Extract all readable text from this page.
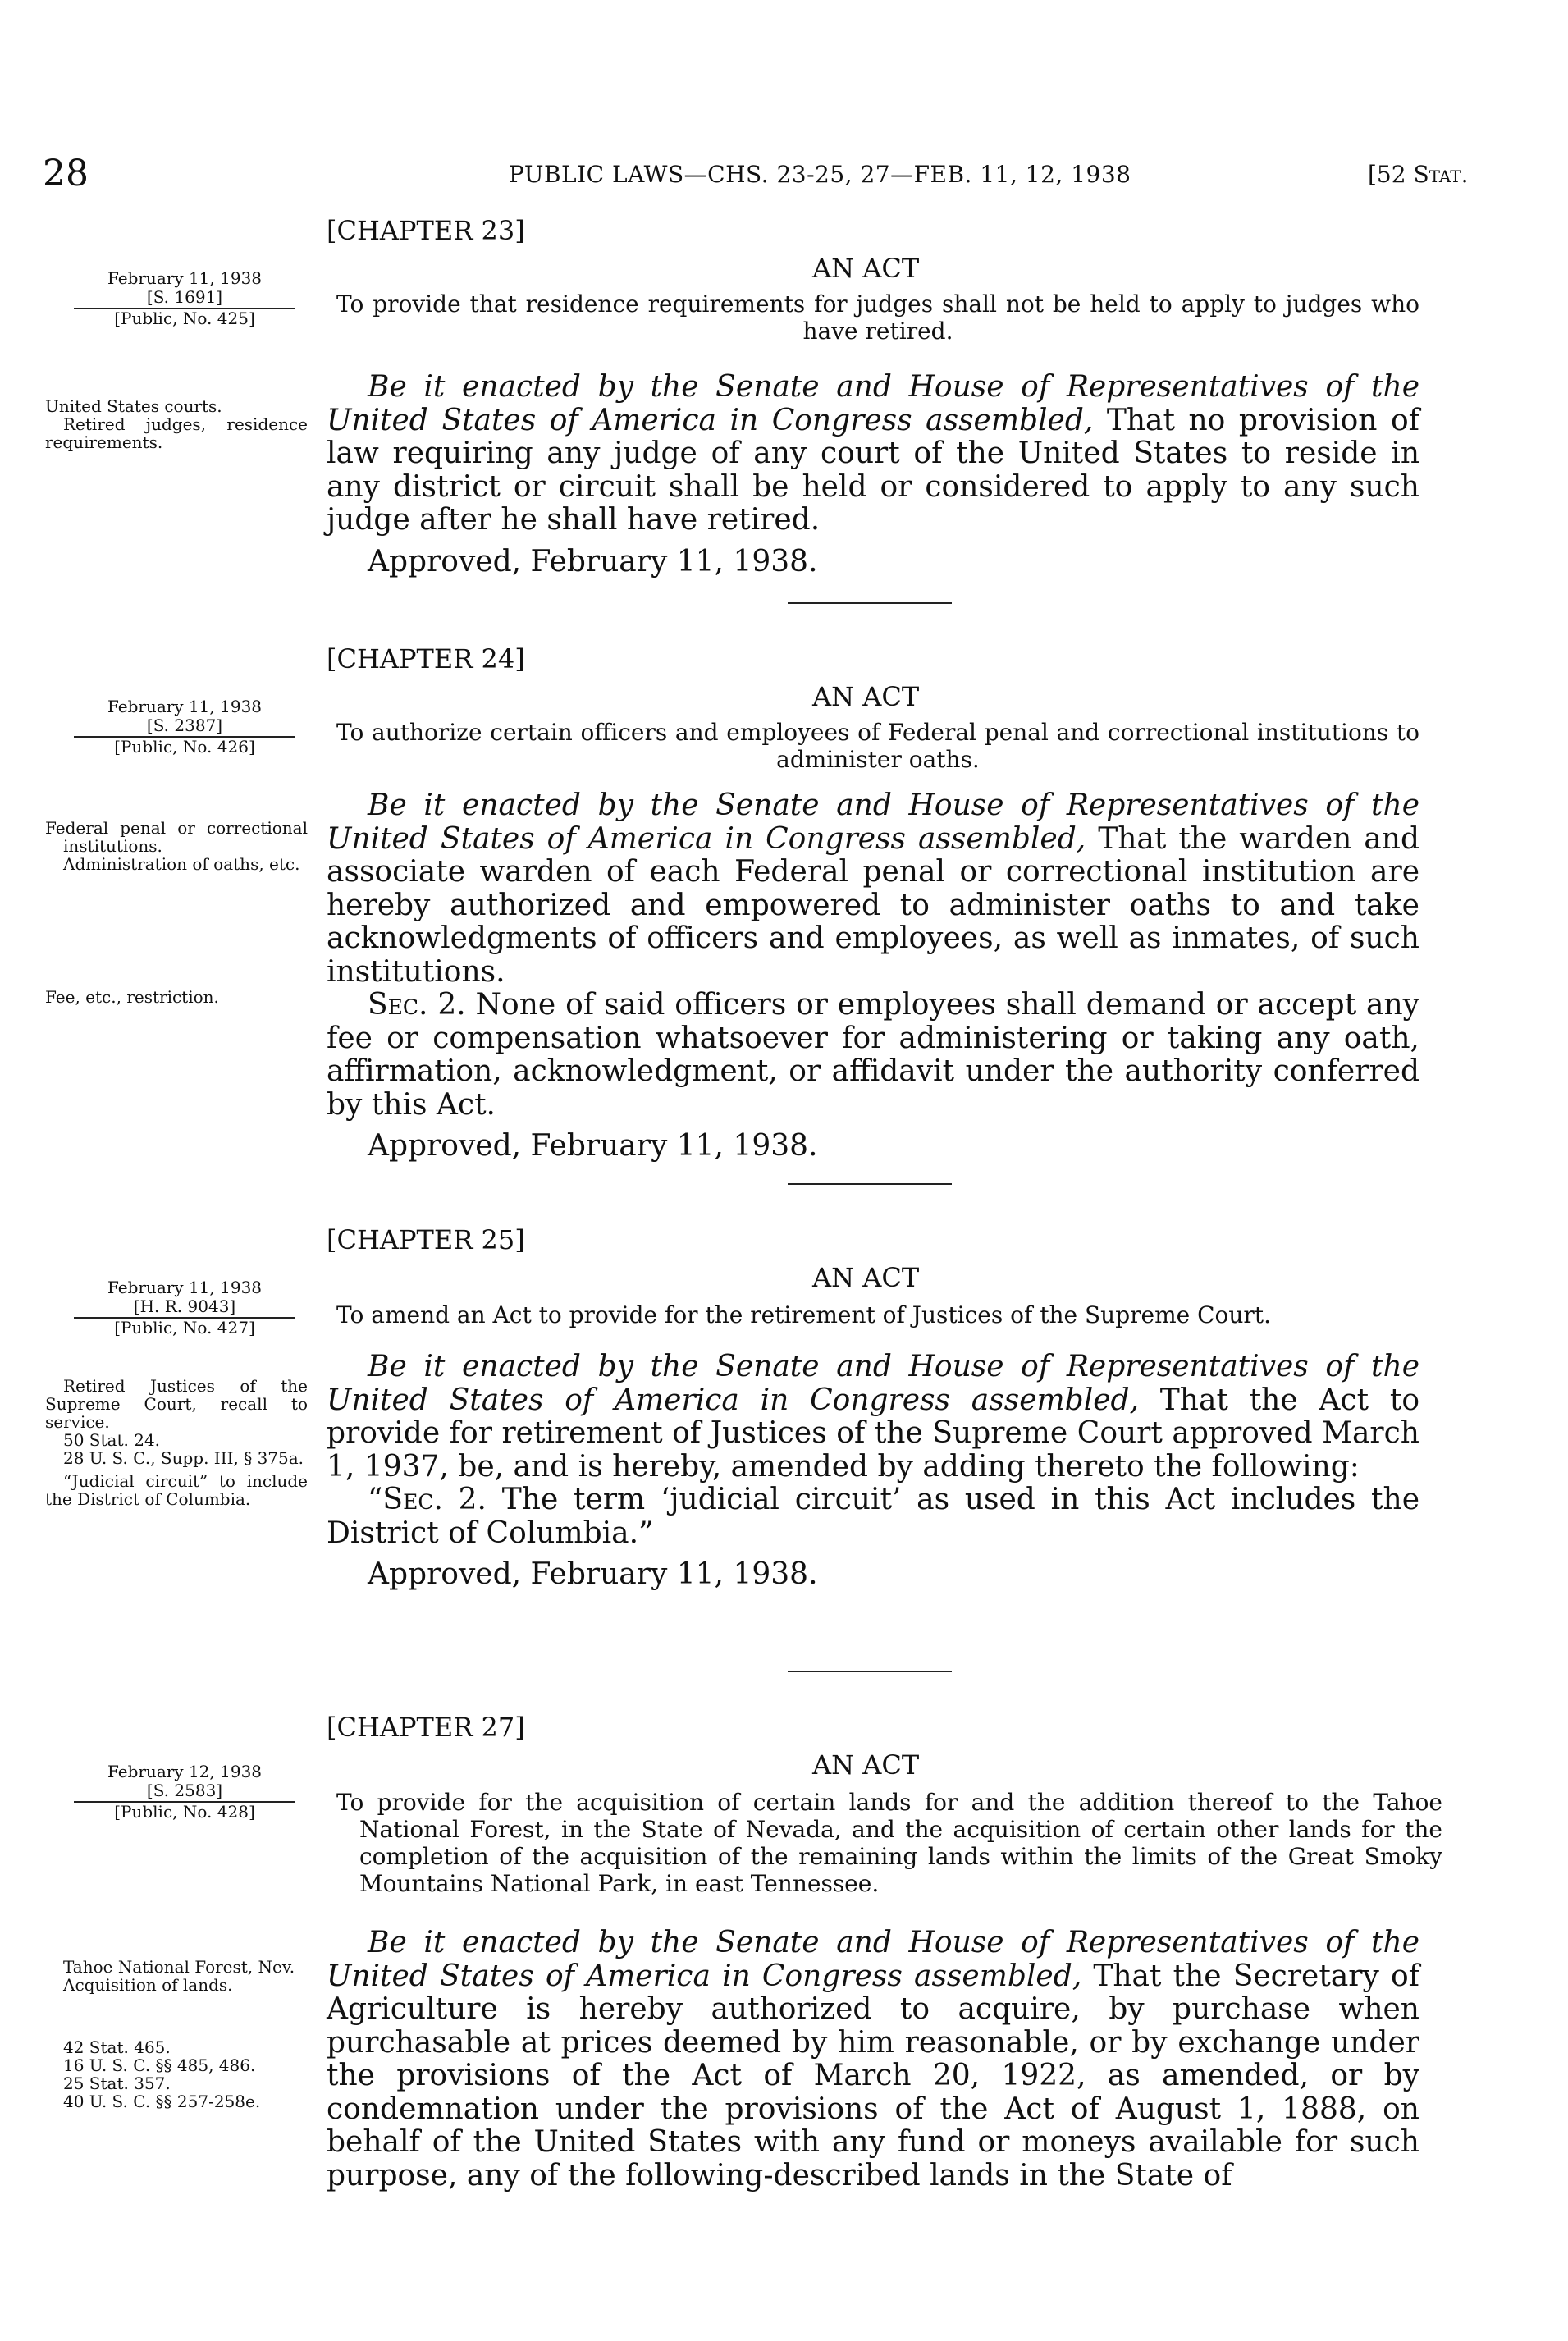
28	PUBLIC LAWS—CHS. 23-25, 27—FEB. 11, 12, 1938	[52 Stat.
[CHAPTER 23]
AN ACT
To provide that residence requirements for judges shall not be held to apply to judges who have retired.
February 11, 1938
[S. 1691]
[Public, No. 425]
United States courts.
Retired judges, residence requirements.

Be it enacted by the Senate and House of Representatives of the United States of America in Congress assembled, That no provision of law requiring any judge of any court of the United States to reside in any district or circuit shall be held or considered to apply to any such judge after he shall have retired.

Approved, February 11, 1938.

[CHAPTER 24]
AN ACT
To authorize certain officers and employees of Federal penal and correctional institutions to administer oaths.
February 11, 1938
[S. 2387]
[Public, No. 426]
Federal penal or correctional institutions.
Administration of oaths, etc.
Fee, etc., restriction.

Be it enacted by the Senate and House of Representatives of the United States of America in Congress assembled, That the warden and associate warden of each Federal penal or correctional institution are hereby authorized and empowered to administer oaths to and take acknowledgments of officers and employees, as well as inmates, of such institutions.

Sec. 2. None of said officers or employees shall demand or accept any fee or compensation whatsoever for administering or taking any oath, affirmation, acknowledgment, or affidavit under the authority conferred by this Act.

Approved, February 11, 1938.

[CHAPTER 25]
AN ACT
To amend an Act to provide for the retirement of Justices of the Supreme Court.
February 11, 1938
[H. R. 9043]
[Public, No. 427]
Retired Justices of the Supreme Court, recall to service.
50 Stat. 24.
28 U. S. C., Supp. III, § 375a.
“Judicial circuit” to include the District of Columbia.

Be it enacted by the Senate and House of Representatives of the United States of America in Congress assembled, That the Act to provide for retirement of Justices of the Supreme Court approved March 1, 1937, be, and is hereby, amended by adding thereto the following:

“Sec. 2. The term ‘judicial circuit’ as used in this Act includes the District of Columbia.”

Approved, February 11, 1938.

[CHAPTER 27]
AN ACT
To provide for the acquisition of certain lands for and the addition thereof to the Tahoe National Forest, in the State of Nevada, and the acquisition of certain other lands for the completion of the acquisition of the remaining lands within the limits of the Great Smoky Mountains National Park, in east Tennessee.
February 12, 1938
[S. 2583]
[Public, No. 428]
Tahoe National Forest, Nev.
Acquisition of lands.
42 Stat. 465.
16 U. S. C. §§ 485, 486.
25 Stat. 357.
40 U. S. C. §§ 257-258e.

Be it enacted by the Senate and House of Representatives of the United States of America in Congress assembled, That the Secretary of Agriculture is hereby authorized to acquire, by purchase when purchasable at prices deemed by him reasonable, or by exchange under the provisions of the Act of March 20, 1922, as amended, or by condemnation under the provisions of the Act of August 1, 1888, on behalf of the United States with any fund or moneys available for such purpose, any of the following-described lands in the State of
